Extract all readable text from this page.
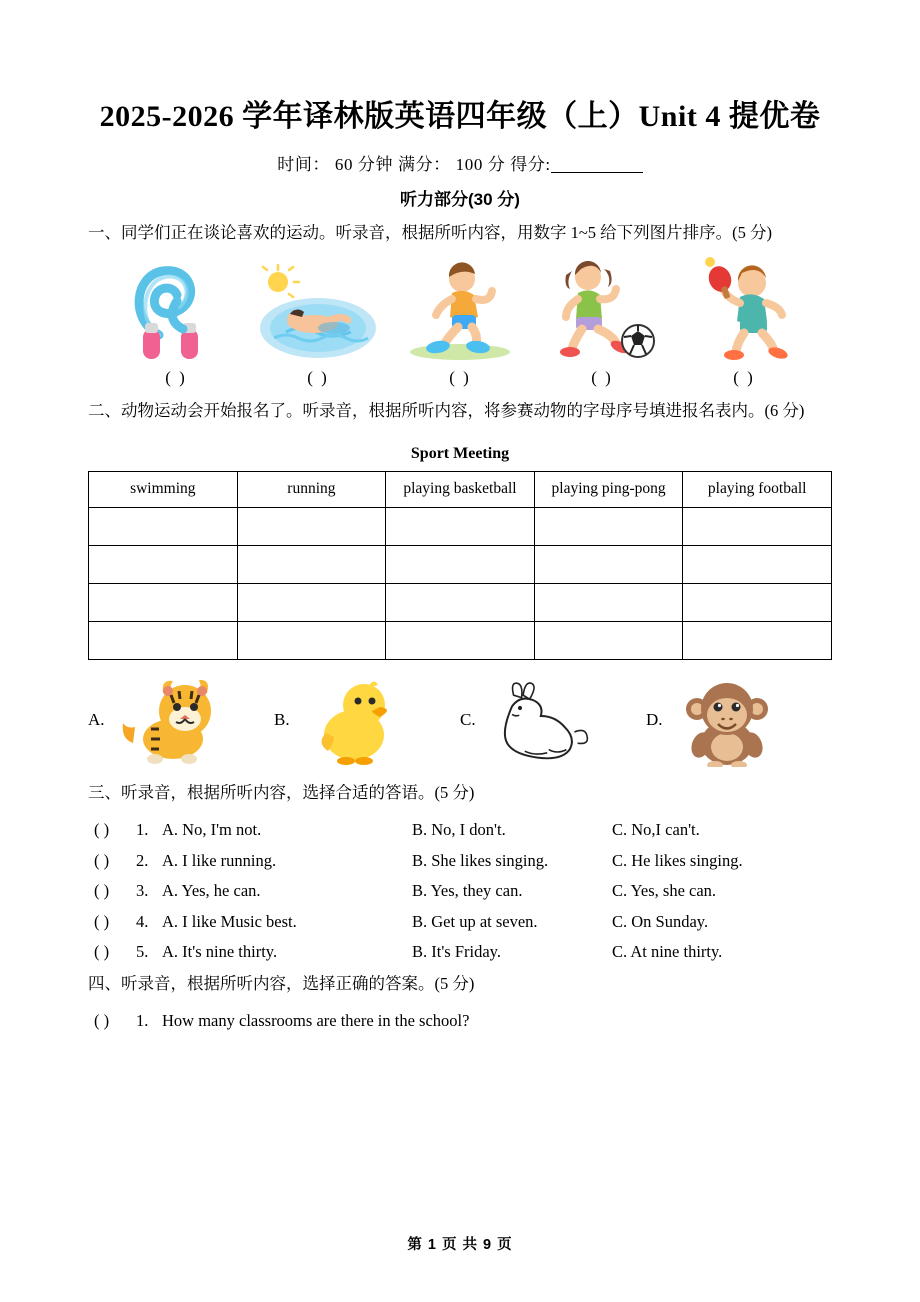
2025-2026 学年译林版英语四年级（上）Unit 4 提优卷
时间： 60 分钟 满分： 100 分 得分:
听力部分(30 分)
一、同学们正在谈论喜欢的运动。听录音，根据所听内容，用数字 1~5 给下列图片排序。(5 分)
( )	( )	( )	( )	( )
二、动物运动会开始报名了。听录音，根据所听内容，将参赛动物的字母序号填进报名表内。(6 分)
Sport Meeting
swimming	running	playing basketball	playing ping-pong	playing football

A.	B.	C.	D.
三、听录音，根据所听内容，选择合适的答语。(5 分)
( )	1. A. No, I'm not.	B. No, I don't.	C. No,I can't.
( )	2. A. I like running.	B. She likes singing.	C. He likes singing.
( )	3. A. Yes, he can.	B. Yes, they can.	C. Yes, she can.
( )	4. A. I like Music best.	B. Get up at seven.	C. On Sunday.
( )	5. A. It's nine thirty.	B. It's Friday.	C. At nine thirty.
四、听录音，根据所听内容，选择正确的答案。(5 分)
( )	1. How many classrooms are there in the school?
第 1 页 共 9 页
